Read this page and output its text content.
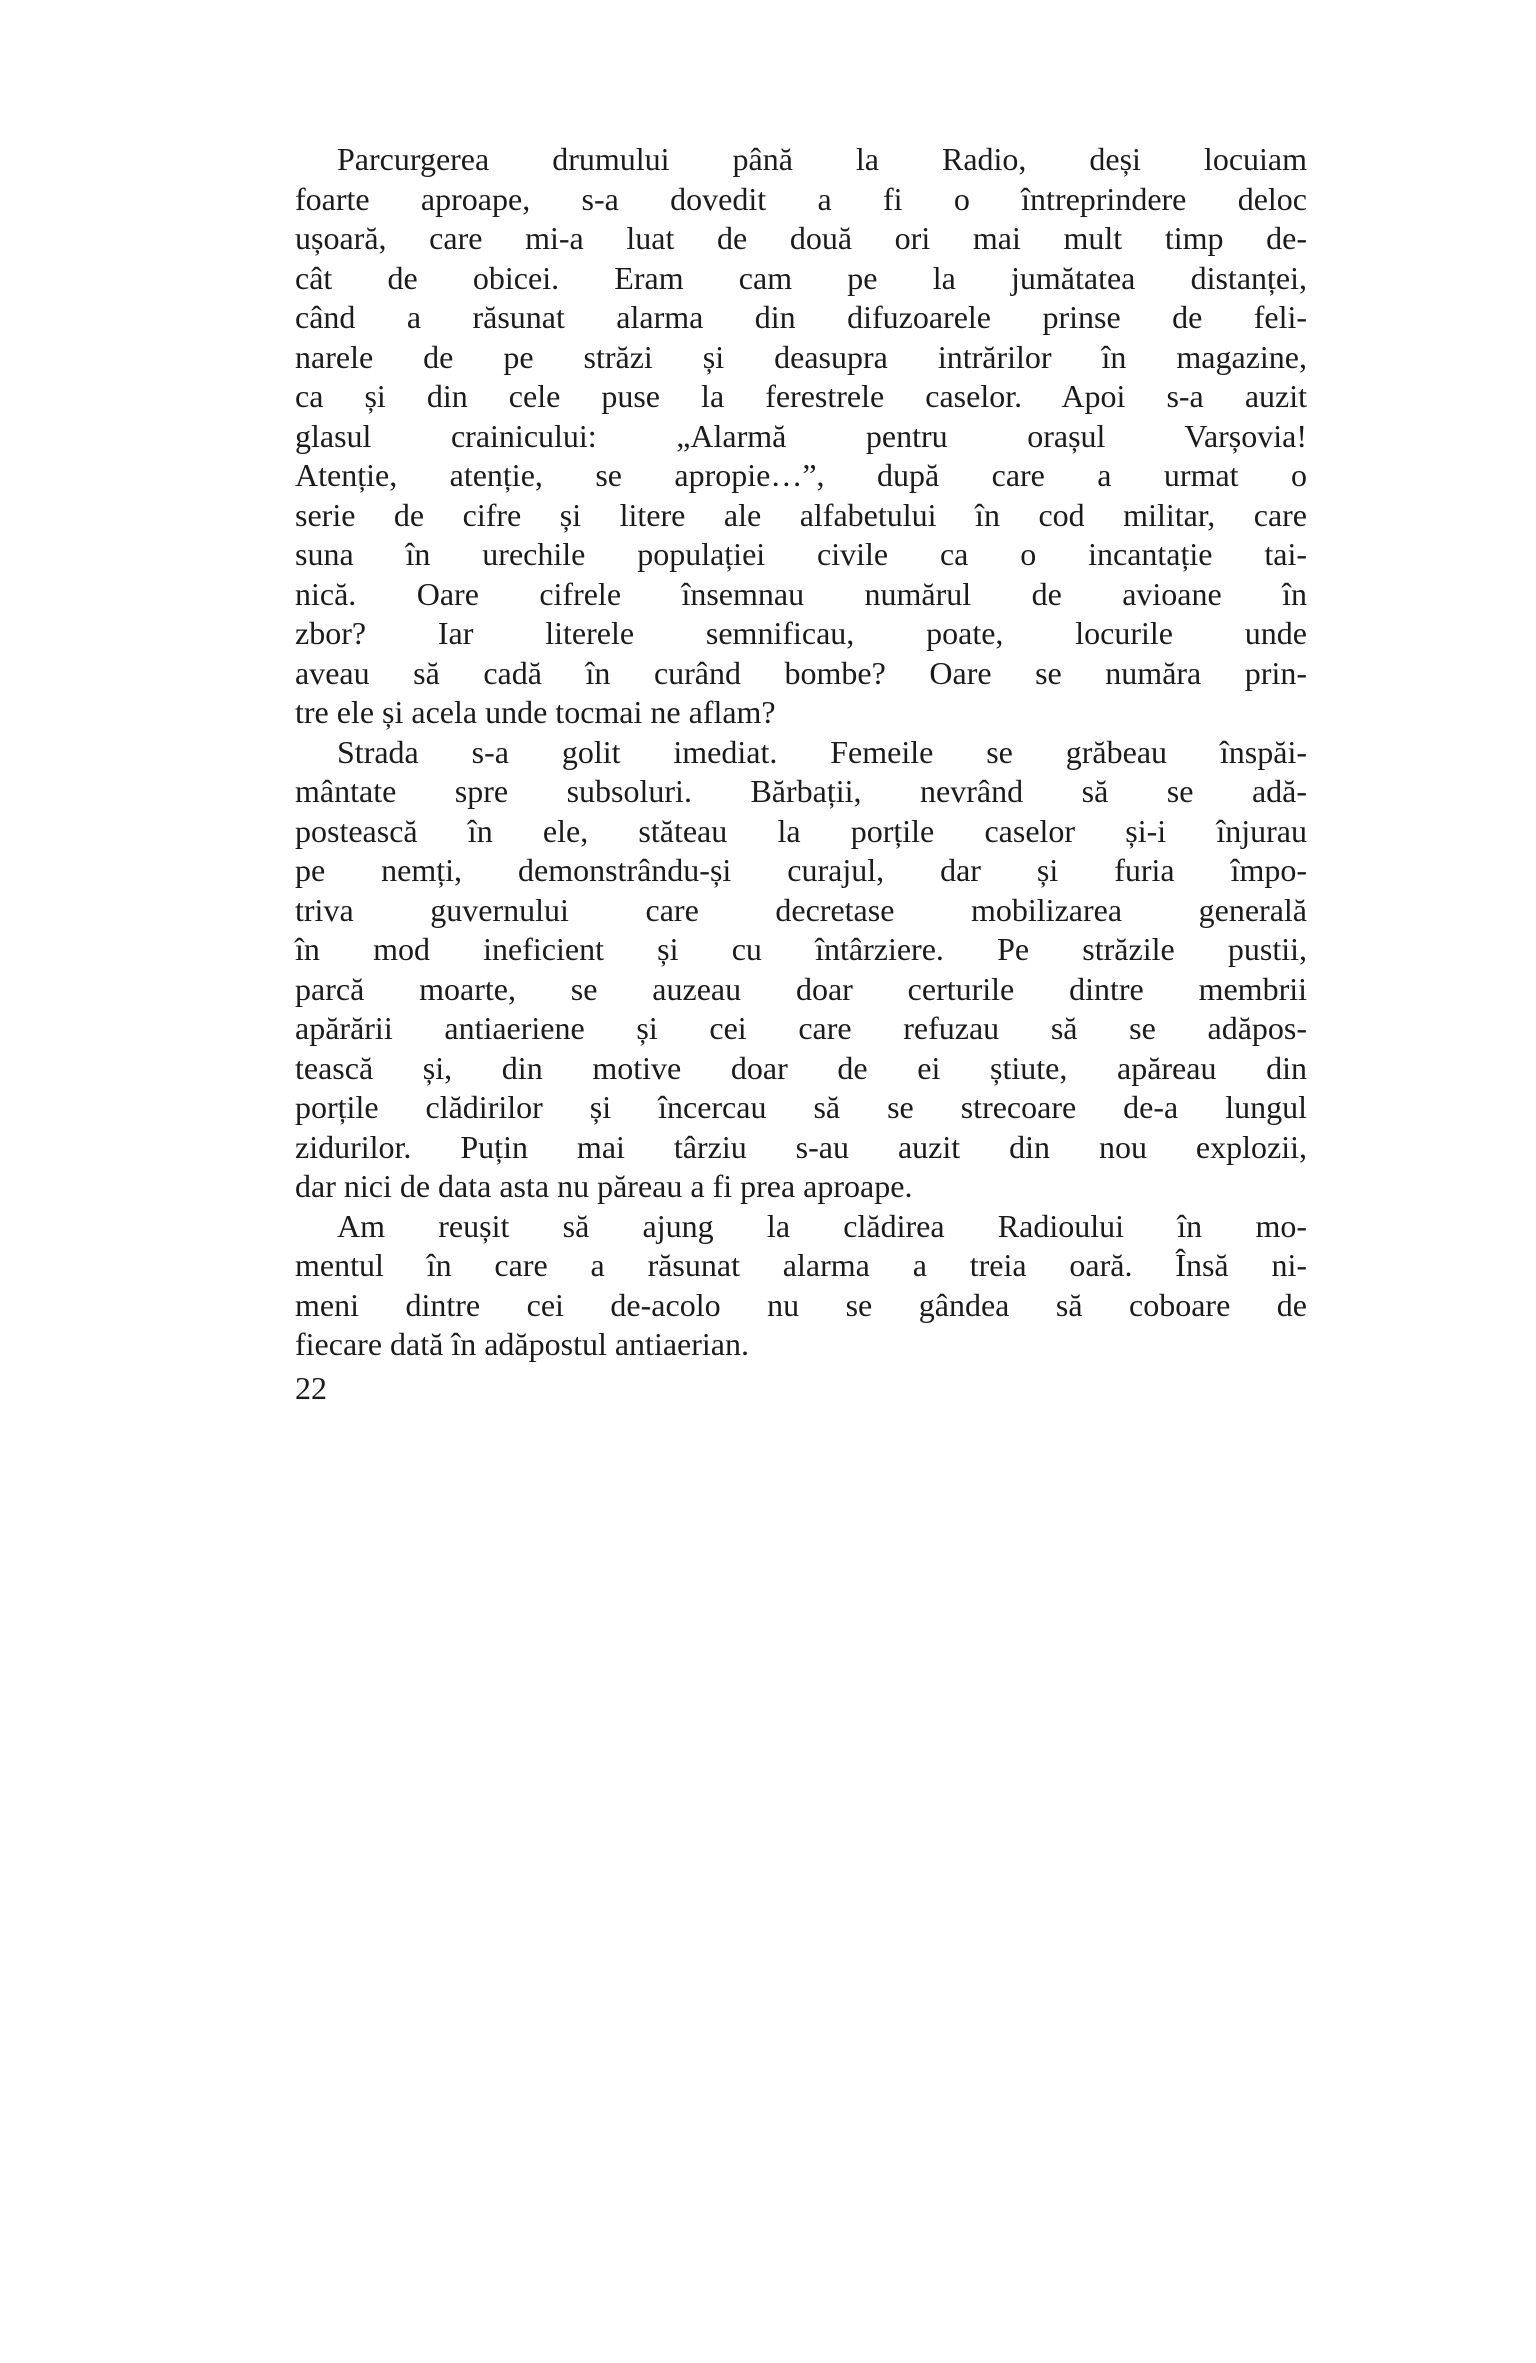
Parcurgerea drumului până la Radio, deși locuiam
foarte aproape, s-a dovedit a fi o întreprindere deloc
ușoară, care mi-a luat de două ori mai mult timp de-
cât de obicei. Eram cam pe la jumătatea distanței,
când a răsunat alarma din difuzoarele prinse de feli-
narele de pe străzi și deasupra intrărilor în magazine,
ca și din cele puse la ferestrele caselor. Apoi s-a auzit
glasul crainicului: „Alarmă pentru orașul Varșovia!
Atenție, atenție, se apropie…”, după care a urmat o
serie de cifre și litere ale alfabetului în cod militar, care
suna în urechile populației civile ca o incantație tai-
nică. Oare cifrele însemnau numărul de avioane în
zbor? Iar literele semnificau, poate, locurile unde
aveau să cadă în curând bombe? Oare se număra prin-
tre ele și acela unde tocmai ne aflam?

Strada s-a golit imediat. Femeile se grăbeau înspăi-
mântate spre subsoluri. Bărbații, nevrând să se adă-
postească în ele, stăteau la porțile caselor și-i înjurau
pe nemți, demonstrându-și curajul, dar și furia împo-
triva guvernului care decretase mobilizarea generală
în mod ineficient și cu întârziere. Pe străzile pustii,
parcă moarte, se auzeau doar certurile dintre membrii
apărării antiaeriene și cei care refuzau să se adăpos-
tească și, din motive doar de ei știute, apăreau din
porțile clădirilor și încercau să se strecoare de-a lungul
zidurilor. Puțin mai târziu s-au auzit din nou explozii,
dar nici de data asta nu păreau a fi prea aproape.

Am reușit să ajung la clădirea Radioului în mo-
mentul în care a răsunat alarma a treia oară. Însă ni-
meni dintre cei de-acolo nu se gândea să coboare de
fiecare dată în adăpostul antiaerian.

22
